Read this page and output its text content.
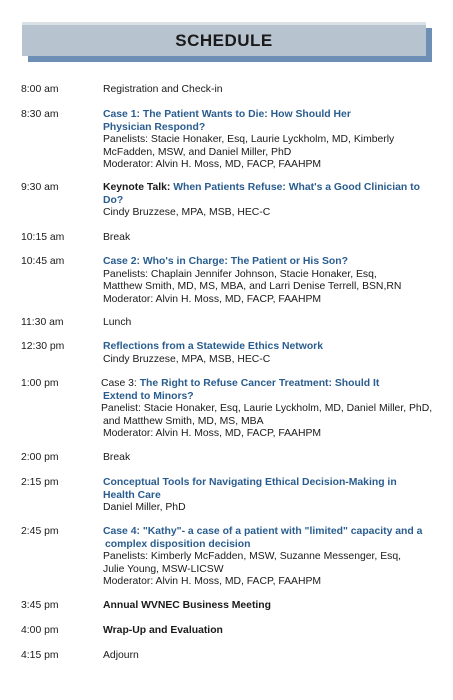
SCHEDULE
8:00 am	Registration and Check-in
8:30 am	Case 1: The Patient Wants to Die: How Should Her
Physician Respond?
Panelists: Stacie Honaker, Esq, Laurie Lyckholm, MD, Kimberly
McFadden, MSW, and Daniel Miller, PhD
Moderator: Alvin H. Moss, MD, FACP, FAAHPM
9:30 am	Keynote Talk: When Patients Refuse: What's a Good Clinician to
Do?
Cindy Bruzzese, MPA, MSB, HEC-C
10:15 am	Break
10:45 am	Case 2: Who's in Charge: The Patient or His Son?
Panelists: Chaplain Jennifer Johnson, Stacie Honaker, Esq,
Matthew Smith, MD, MS, MBA, and Larri Denise Terrell, BSN,RN
Moderator: Alvin H. Moss, MD, FACP, FAAHPM
11:30 am	Lunch
12:30 pm	Reflections from a Statewide Ethics Network
Cindy Bruzzese, MPA, MSB, HEC-C
1:00 pm	Case 3: The Right to Refuse Cancer Treatment: Should It
Extend to Minors?
Panelist: Stacie Honaker, Esq, Laurie Lyckholm, MD, Daniel Miller, PhD,
and Matthew Smith, MD, MS, MBA
Moderator: Alvin H. Moss, MD, FACP, FAAHPM
2:00 pm	Break
2:15 pm	Conceptual Tools for Navigating Ethical Decision-Making in
Health Care
Daniel Miller, PhD
2:45 pm	Case 4: "Kathy"- a case of a patient with "limited" capacity and a
complex disposition decision
Panelists: Kimberly McFadden, MSW, Suzanne Messenger, Esq,
Julie Young, MSW-LICSW
Moderator: Alvin H. Moss, MD, FACP, FAAHPM
3:45 pm	Annual WVNEC Business Meeting
4:00 pm	Wrap-Up and Evaluation
4:15 pm	Adjourn
